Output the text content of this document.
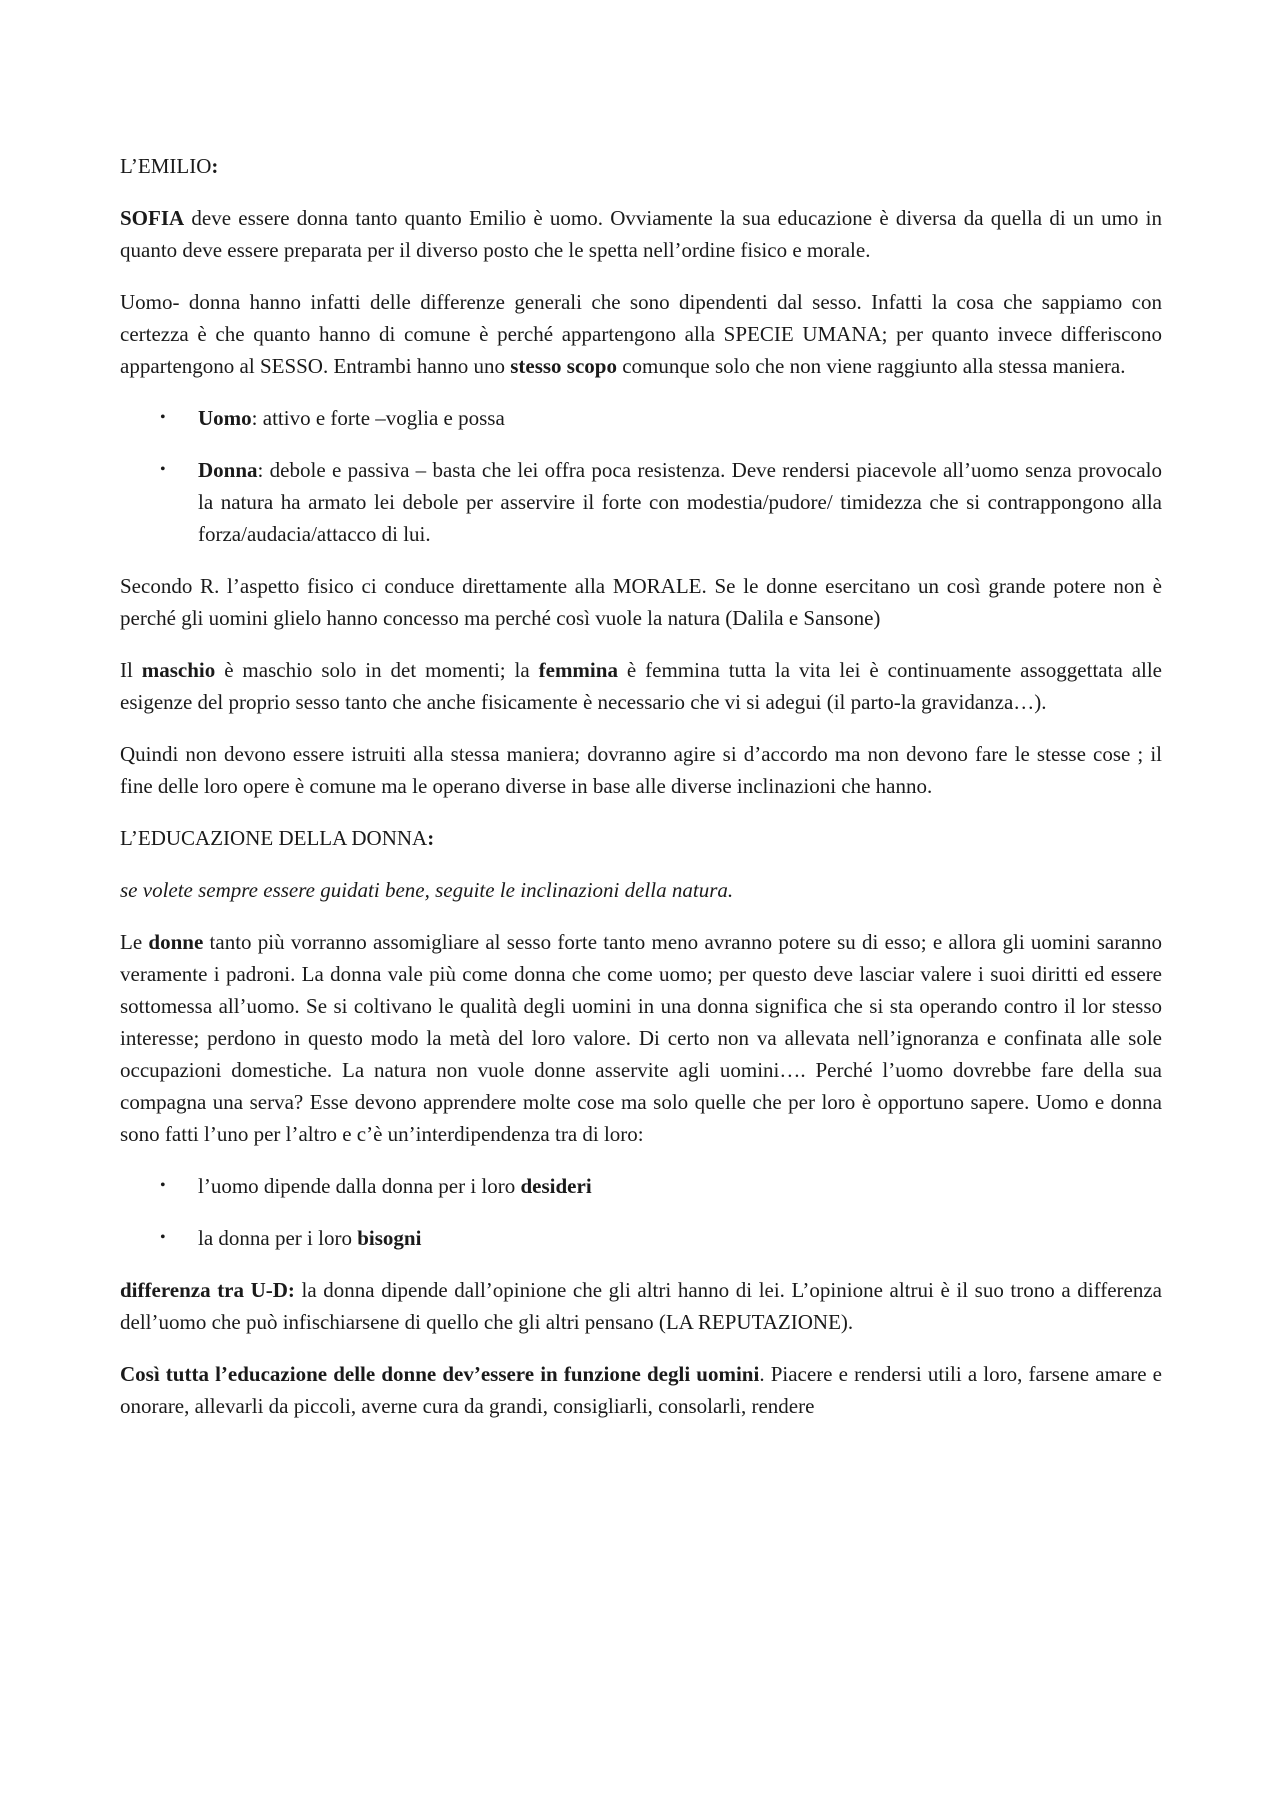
L’EMILIO:

SOFIA deve essere donna tanto quanto Emilio è uomo. Ovviamente la sua educazione è diversa da quella di un umo in quanto deve essere preparata per il diverso posto che le spetta nell’ordine fisico e morale.

Uomo- donna hanno infatti delle differenze generali che sono dipendenti dal sesso. Infatti la cosa che sappiamo con certezza è che quanto hanno di comune è perché appartengono alla SPECIE UMANA; per quanto invece differiscono appartengono al SESSO. Entrambi hanno uno stesso scopo comunque solo che non viene raggiunto alla stessa maniera.

• Uomo: attivo e forte –voglia e possa
• Donna: debole e passiva – basta che lei offra poca resistenza. Deve rendersi piacevole all’uomo senza provocalo la natura ha armato lei debole per asservire il forte con modestia/pudore/ timidezza che si contrappongono alla forza/audacia/attacco di lui.

Secondo R. l’aspetto fisico ci conduce direttamente alla MORALE. Se le donne esercitano un così grande potere non è perché gli uomini glielo hanno concesso ma perché così vuole la natura (Dalila e Sansone)

Il maschio è maschio solo in det momenti; la femmina è femmina tutta la vita lei è continuamente assoggettata alle esigenze del proprio sesso tanto che anche fisicamente è necessario che vi si adegui (il parto-la gravidanza…).

Quindi non devono essere istruiti alla stessa maniera; dovranno agire si d’accordo ma non devono fare le stesse cose ; il fine delle loro opere è comune ma le operano diverse in base alle diverse inclinazioni che hanno.

L’EDUCAZIONE DELLA DONNA:

se volete sempre essere guidati bene, seguite le inclinazioni della natura.

Le donne tanto più vorranno assomigliare al sesso forte tanto meno avranno potere su di esso; e allora gli uomini saranno veramente i padroni. La donna vale più come donna che come uomo; per questo deve lasciar valere i suoi diritti ed essere sottomessa all’uomo. Se si coltivano le qualità degli uomini in una donna significa che si sta operando contro il lor stesso interesse; perdono in questo modo la metà del loro valore. Di certo non va allevata nell’ignoranza e confinata alle sole occupazioni domestiche. La natura non vuole donne asservite agli uomini…. Perché l’uomo dovrebbe fare della sua compagna una serva? Esse devono apprendere molte cose ma solo quelle che per loro è opportuno sapere. Uomo e donna sono fatti l’uno per l’altro e c’è un’interdipendenza tra di loro:

• l’uomo dipende dalla donna per i loro desideri
• la donna per i loro bisogni

differenza tra U-D: la donna dipende dall’opinione che gli altri hanno di lei. L’opinione altrui è il suo trono a differenza dell’uomo che può infischiarsene di quello che gli altri pensano (LA REPUTAZIONE).

Così tutta l’educazione delle donne dev’essere in funzione degli uomini. Piacere e rendersi utili a loro, farsene amare e onorare, allevarli da piccoli, averne cura da grandi, consigliarli, consolarli, rendere
